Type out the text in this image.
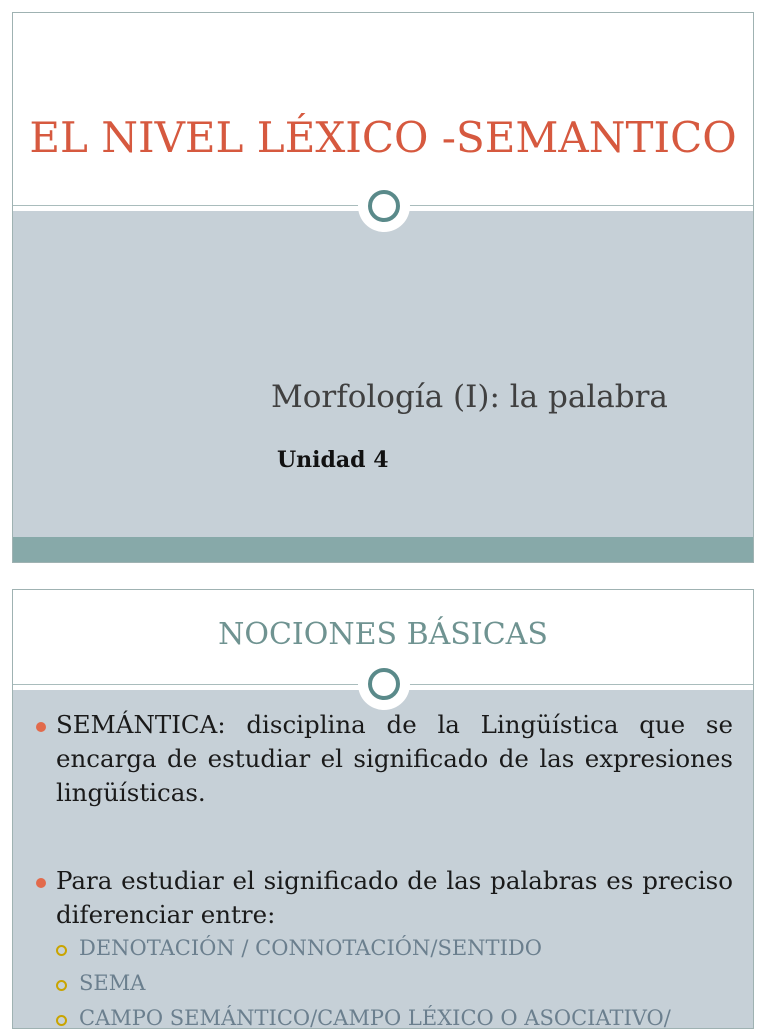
EL NIVEL LÉXICO -SEMANTICO
Morfología (I): la palabra
Unidad 4
NOCIONES BÁSICAS
SEMÁNTICA: disciplina de la Lingüística que se encarga de estudiar el significado de las expresiones lingüísticas.
Para estudiar el significado de las palabras es preciso diferenciar entre:
DENOTACIÓN / CONNOTACIÓN/SENTIDO
SEMA
CAMPO SEMÁNTICO/CAMPO LÉXICO O ASOCIATIVO/
